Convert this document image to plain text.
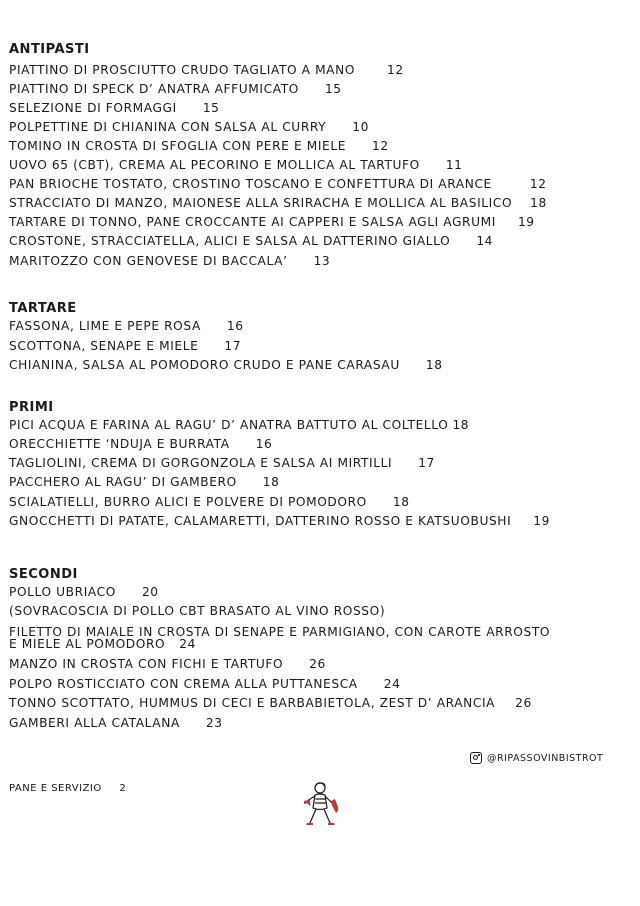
ANTIPASTI
PIATTINO DI PROSCIUTTO CRUDO TAGLIATO A MANO	12
PIATTINO DI SPECK D’ ANATRA AFFUMICATO 15
SELEZIONE DI FORMAGGI 15
POLPETTINE DI CHIANINA CON SALSA AL CURRY 10
TOMINO IN CROSTA DI SFOGLIA CON PERE E MIELE 12
UOVO 65 (CBT), CREMA AL PECORINO E MOLLICA AL TARTUFO 11
PAN BRIOCHE TOSTATO, CROSTINO TOSCANO E CONFETTURA DI ARANCE	12
STRACCIATO DI MANZO, MAIONESE ALLA SRIRACHA E MOLLICA AL BASILICO 18
TARTARE DI TONNO, PANE CROCCANTE AI CAPPERI E SALSA AGLI AGRUMI 19
CROSTONE, STRACCIATELLA, ALICI E SALSA AL DATTERINO GIALLO 14
MARITOZZO CON GENOVESE DI BACCALA’ 13
TARTARE
FASSONA, LIME E PEPE ROSA 16
SCOTTONA, SENAPE E MIELE 17
CHIANINA, SALSA AL POMODORO CRUDO E PANE CARASAU 18
PRIMI
PICI ACQUA E FARINA AL RAGU’ D’ ANATRA BATTUTO AL COLTELLO 18
ORECCHIETTE ‘NDUJA E BURRATA 16
TAGLIOLINI, CREMA DI GORGONZOLA E SALSA AI MIRTILLI 17
PACCHERO AL RAGU’ DI GAMBERO 18
SCIALATIELLI, BURRO ALICI E POLVERE DI POMODORO 18
GNOCCHETTI DI PATATE, CALAMARETTI, DATTERINO ROSSO E KATSUOBUSHI 19
SECONDI
POLLO UBRIACO 20
(SOVRACOSCIA DI POLLO CBT BRASATO AL VINO ROSSO)
FILETTO DI MAIALE IN CROSTA DI SENAPE E PARMIGIANO, CON CAROTE ARROSTO
E MIELE AL POMODORO 24
MANZO IN CROSTA CON FICHI E TARTUFO 26
POLPO ROSTICCIATO CON CREMA ALLA PUTTANESCA 24
TONNO SCOTTATO, HUMMUS DI CECI E BARBABIETOLA, ZEST D’ ARANCIA 26
GAMBERI ALLA CATALANA 23
@RIPASSOVINBISTROT
PANE E SERVIZIO 2
